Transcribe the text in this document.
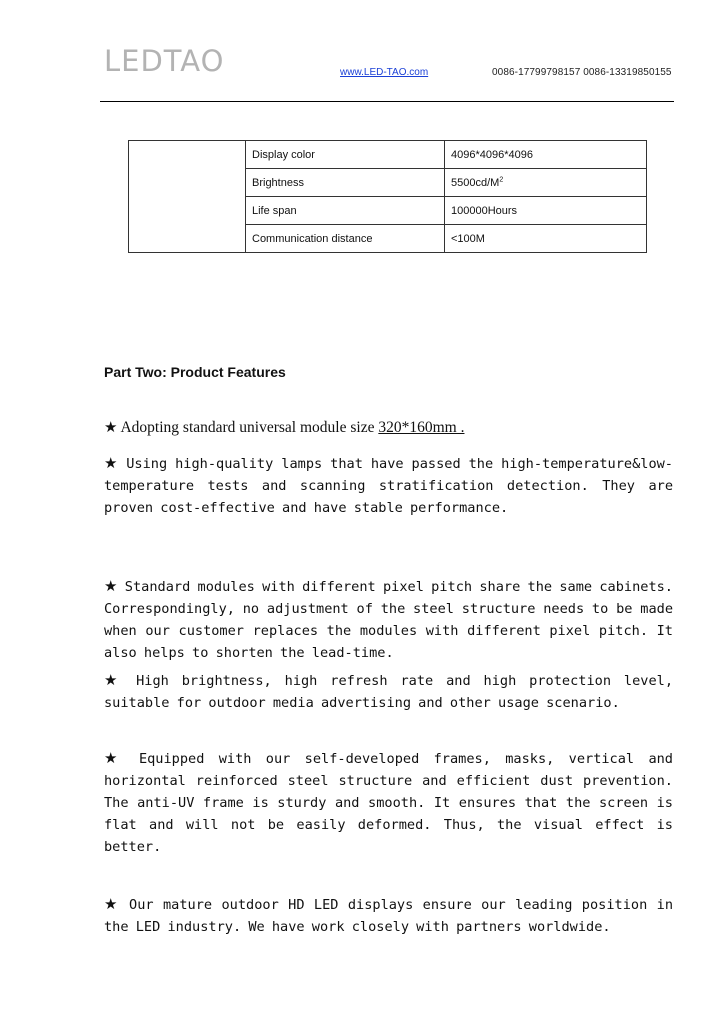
LEDTAO	www.LED-TAO.com	0086-17799798157 0086-13319850155
	Display color	4096*4096*4096
	Brightness	$5500cd/M^2$
	Life span	100000Hours
	Communication distance	<100M
Part Two: Product Features
★ Adopting standard universal module size 320*160mm .
★ Using high-quality lamps that have passed the high-temperature&low-temperature tests and scanning stratification detection. They are proven cost-effective and have stable performance.
★ Standard modules with different pixel pitch share the same cabinets. Correspondingly, no adjustment of the steel structure needs to be made when our customer replaces the modules with different pixel pitch. It also helps to shorten the lead-time.
★ High brightness, high refresh rate and high protection level, suitable for outdoor media advertising and other usage scenario.
★ Equipped with our self-developed frames, masks, vertical and horizontal reinforced steel structure and efficient dust prevention. The anti-UV frame is sturdy and smooth. It ensures that the screen is flat and will not be easily deformed. Thus, the visual effect is better.
★ Our mature outdoor HD LED displays ensure our leading position in the LED industry. We have work closely with partners worldwide.
